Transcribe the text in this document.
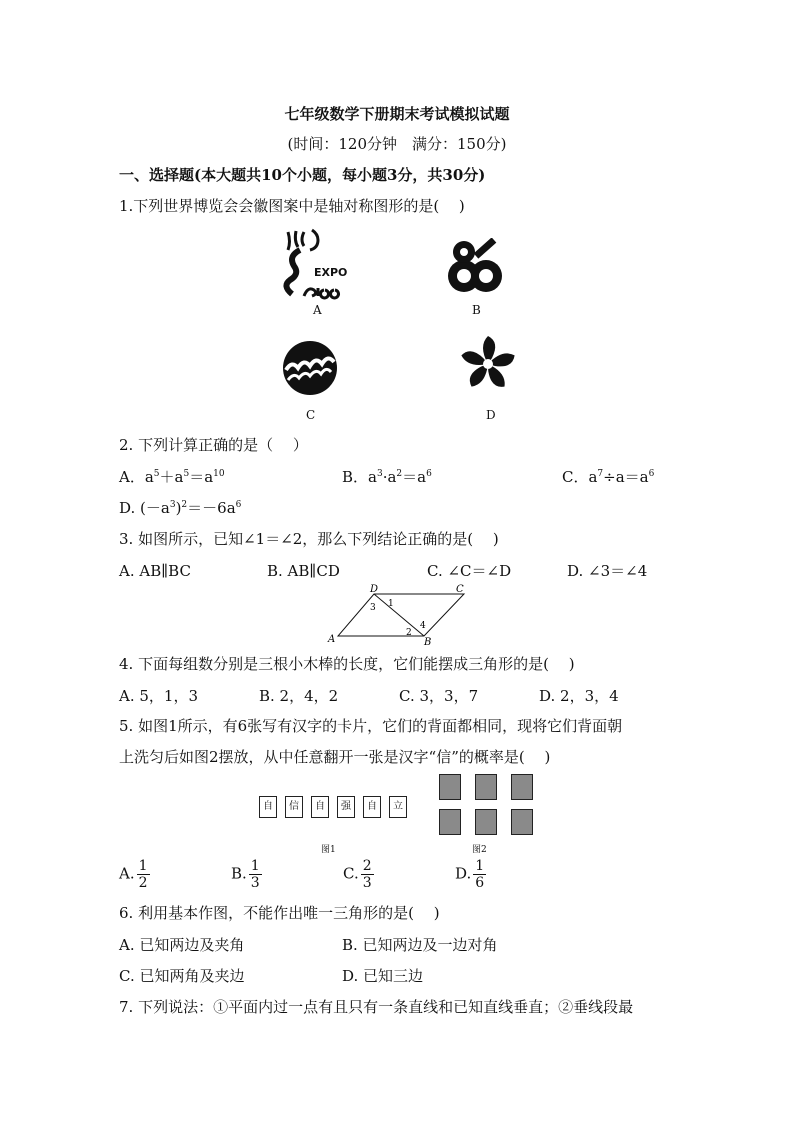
七年级数学下册期末考试模拟试题
(时间：120分钟　满分：150分)
一、选择题(本大题共10个小题，每小题3分，共30分)
1.下列世界博览会会徽图案中是轴对称图形的是(　 )
EXPO
A	B
C	D
2. 下列计算正确的是（　 ）
A．$a^5+a^5=a^{10}$	B．$a^3\cdot a^2=a^6$	C．$a^7\div a=a^6$
D. $(-a^3)^2=-6a^6$
3. 如图所示，已知∠1＝∠2，那么下列结论正确的是(　 )
A. AB∥BC	B. AB∥CD	C. ∠C＝∠D	D. ∠3＝∠4
D	C
A	B
1
2
3
4
4. 下面每组数分别是三根小木棒的长度，它们能摆成三角形的是(　 )
A. 5，1，3	B. 2，4，2	C. 3，3，7	D. 2，3，4
5. 如图1所示，有6张写有汉字的卡片，它们的背面都相同，现将它们背面朝
上洗匀后如图2摆放，从中任意翻开一张是汉字“信”的概率是(　 )
自	信	自	强	自	立
图1	图2
A. $\frac{1}{2}$	B. $\frac{1}{3}$	C. $\frac{2}{3}$	D. $\frac{1}{6}$
6. 利用基本作图，不能作出唯一三角形的是(　 )
A. 已知两边及夹角	B. 已知两边及一边对角
C. 已知两角及夹边	D. 已知三边
7. 下列说法：①平面内过一点有且只有一条直线和已知直线垂直；②垂线段最
